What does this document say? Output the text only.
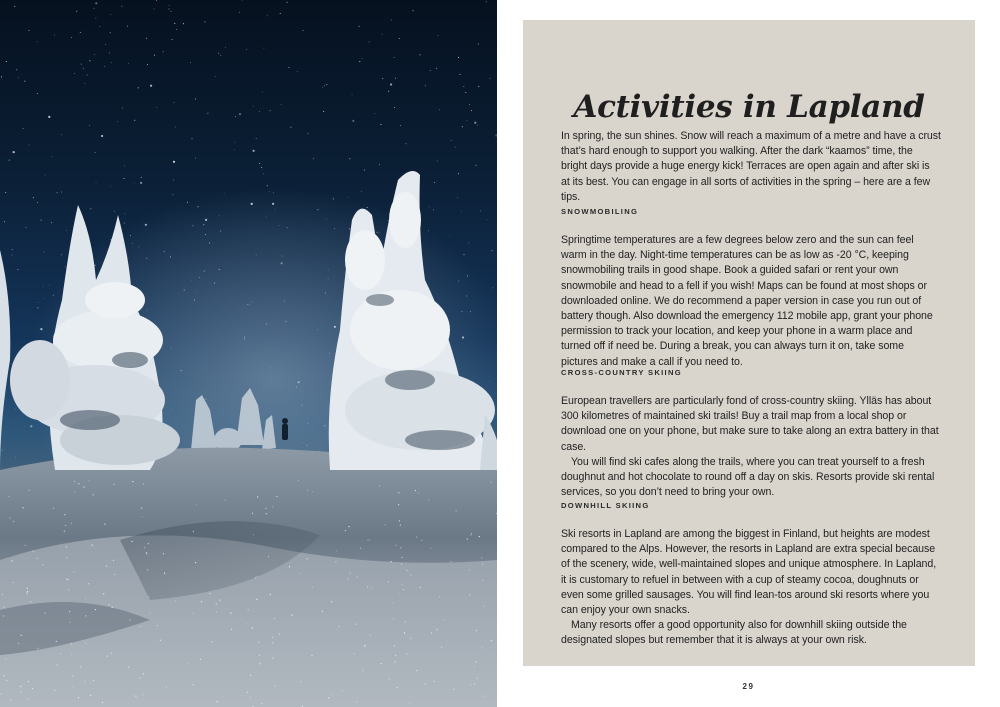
Activities in Lapland

In spring, the sun shines. Snow will reach a maximum of a metre and have a crust that’s hard enough to support you walking. After the dark “kaamos” time, the bright days provide a huge energy kick! Terraces are open again and after ski is at its best. You can engage in all sorts of activities in the spring – here are a few tips.

SNOWMOBILING

Springtime temperatures are a few degrees below zero and the sun can feel warm in the day. Night-time temperatures can be as low as -20 °C, keeping snowmobiling trails in good shape. Book a guided safari or rent your own snowmobile and head to a fell if you wish! Maps can be found at most shops or downloaded online. We do recommend a paper version in case you run out of battery though. Also download the emergency 112 mobile app, grant your phone permission to track your location, and keep your phone in a warm place and turned off if need be. During a break, you can always turn it on, take some pictures and make a call if you need to.

CROSS-COUNTRY SKIING
European travellers are particularly fond of cross-country skiing. Ylläs has about 300 kilometres of maintained ski trails! Buy a trail map from a local shop or download one on your phone, but make sure to take along an extra battery in that case.
You will find ski cafes along the trails, where you can treat yourself to a fresh doughnut and hot chocolate to round off a day on skis. Resorts provide ski rental services, so you don’t need to bring your own.
DOWNHILL SKIING
Ski resorts in Lapland are among the biggest in Finland, but heights are modest compared to the Alps. However, the resorts in Lapland are extra special because of the scenery, wide, well-maintained slopes and unique atmosphere. In Lapland, it is customary to refuel in between with a cup of steamy cocoa, doughnuts or even some grilled sausages. You will find lean-tos around ski resorts where you can enjoy your own snacks.
Many resorts offer a good opportunity also for downhill skiing outside the designated slopes but remember that it is always at your own risk.
29
